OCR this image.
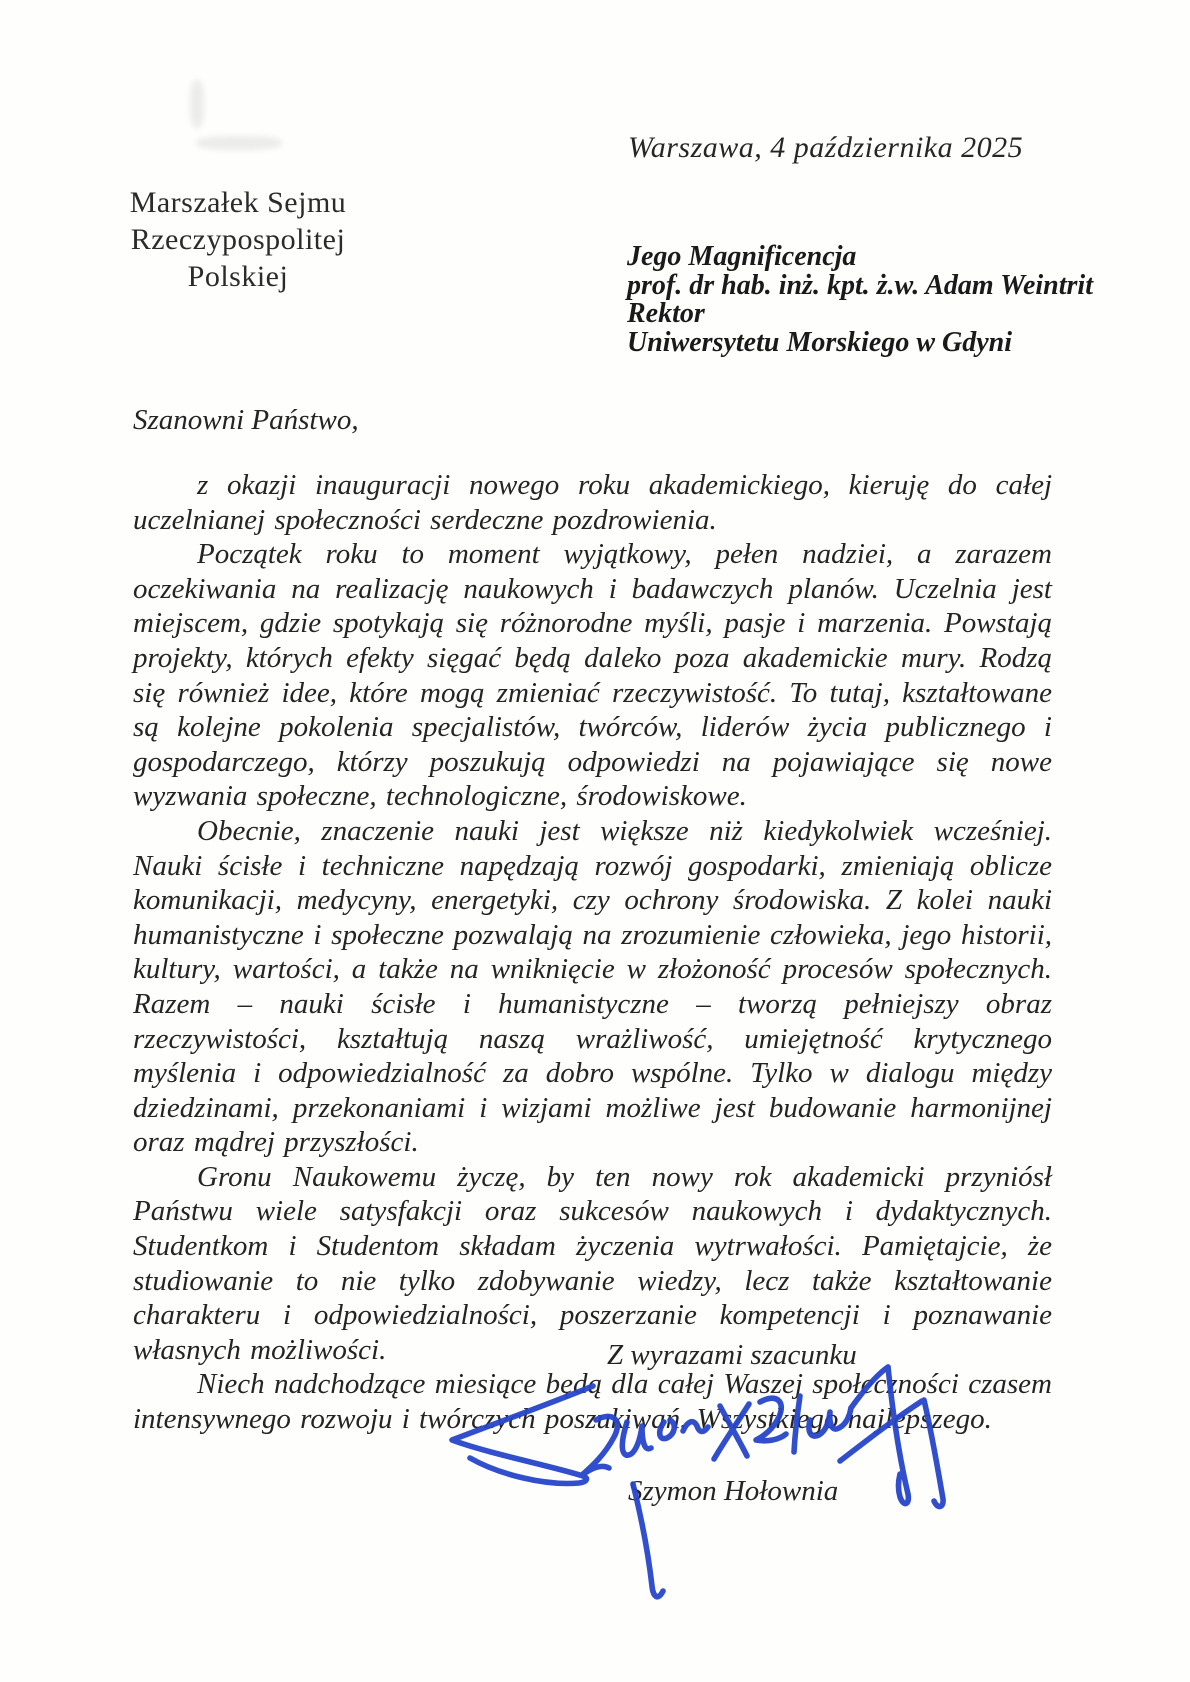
Warszawa, 4 października 2025
Marszałek Sejmu
Rzeczypospolitej Polskiej
Jego Magnificencja
prof. dr hab. inż. kpt. ż.w. Adam Weintrit
Rektor
Uniwersytetu Morskiego w Gdyni
Szanowni Państwo,

z okazji inauguracji nowego roku akademickiego, kieruję do całej uczelnianej społeczności serdeczne pozdrowienia.

Początek roku to moment wyjątkowy, pełen nadziei, a zarazem oczekiwania na realizację naukowych i badawczych planów. Uczelnia jest miejscem, gdzie spotykają się różnorodne myśli, pasje i marzenia. Powstają projekty, których efekty sięgać będą daleko poza akademickie mury. Rodzą się również idee, które mogą zmieniać rzeczywistość. To tutaj, kształtowane są kolejne pokolenia specjalistów, twórców, liderów życia publicznego i gospodarczego, którzy poszukują odpowiedzi na pojawiające się nowe wyzwania społeczne, technologiczne, środowiskowe.

Obecnie, znaczenie nauki jest większe niż kiedykolwiek wcześniej. Nauki ścisłe i techniczne napędzają rozwój gospodarki, zmieniają oblicze komunikacji, medycyny, energetyki, czy ochrony środowiska. Z kolei nauki humanistyczne i społeczne pozwalają na zrozumienie człowieka, jego historii, kultury, wartości, a także na wniknięcie w złożoność procesów społecznych. Razem – nauki ścisłe i humanistyczne – tworzą pełniejszy obraz rzeczywistości, kształtują naszą wrażliwość, umiejętność krytycznego myślenia i odpowiedzialność za dobro wspólne. Tylko w dialogu między dziedzinami, przekonaniami i wizjami możliwe jest budowanie harmonijnej oraz mądrej przyszłości.

Gronu Naukowemu życzę, by ten nowy rok akademicki przyniósł Państwu wiele satysfakcji oraz sukcesów naukowych i dydaktycznych. Studentkom i Studentom składam życzenia wytrwałości. Pamiętajcie, że studiowanie to nie tylko zdobywanie wiedzy, lecz także kształtowanie charakteru i odpowiedzialności, poszerzanie kompetencji i poznawanie własnych możliwości.

Niech nadchodzące miesiące będą dla całej Waszej społeczności czasem intensywnego rozwoju i twórczych poszukiwań. Wszystkiego najlepszego.

Z wyrazami szacunku
Szymon Hołownia
